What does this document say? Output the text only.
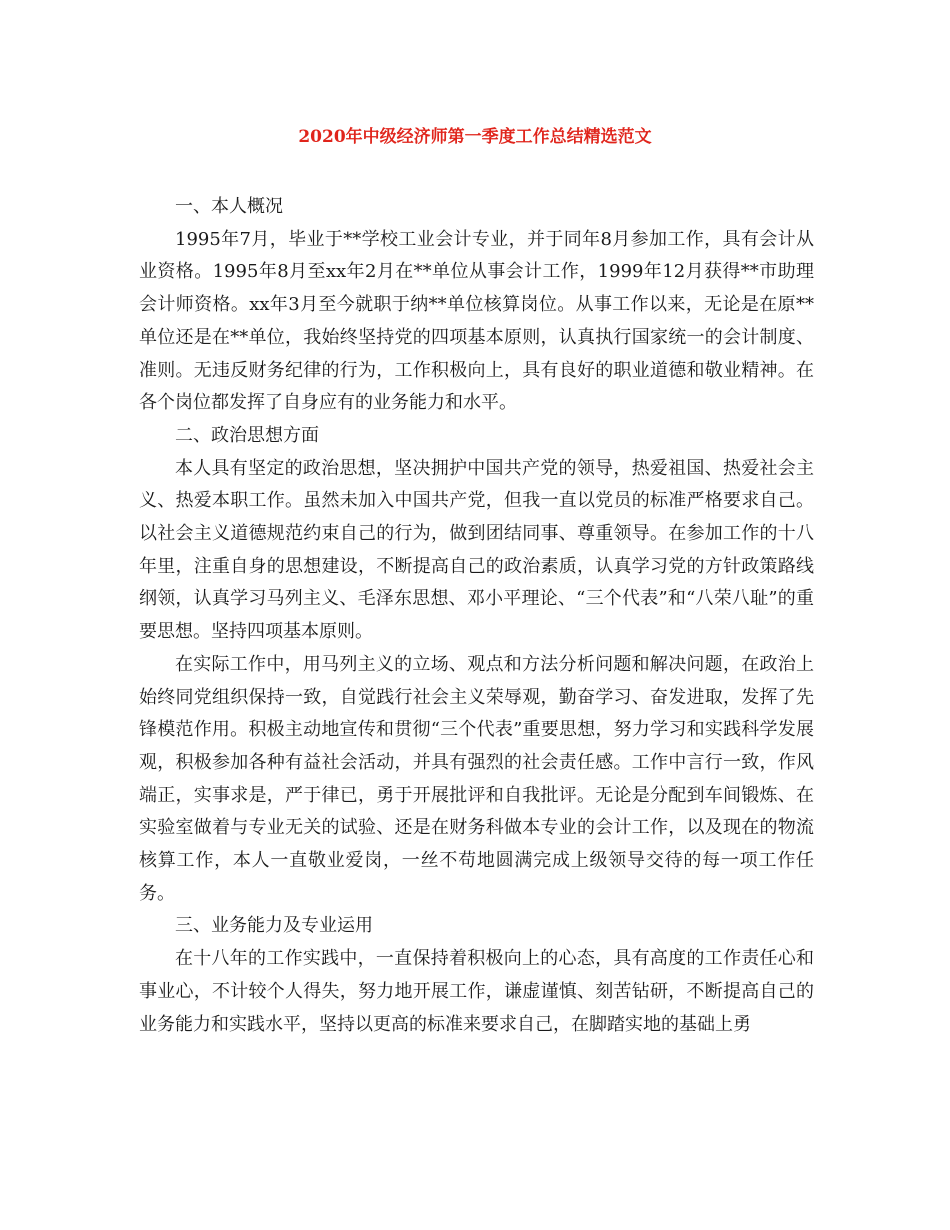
2020年中级经济师第一季度工作总结精选范文

一、本人概况

1995年7月，毕业于**学校工业会计专业，并于同年8月参加工作，具有会计从业资格。1995年8月至xx年2月在**单位从事会计工作，1999年12月获得**市助理会计师资格。xx年3月至今就职于纳**单位核算岗位。从事工作以来，无论是在原**单位还是在**单位，我始终坚持党的四项基本原则，认真执行国家统一的会计制度、准则。无违反财务纪律的行为，工作积极向上，具有良好的职业道德和敬业精神。在各个岗位都发挥了自身应有的业务能力和水平。

二、政治思想方面

本人具有坚定的政治思想，坚决拥护中国共产党的领导，热爱祖国、热爱社会主义、热爱本职工作。虽然未加入中国共产党，但我一直以党员的标准严格要求自己。以社会主义道德规范约束自己的行为，做到团结同事、尊重领导。在参加工作的十八年里，注重自身的思想建设，不断提高自己的政治素质，认真学习党的方针政策路线纲领，认真学习马列主义、毛泽东思想、邓小平理论、“三个代表”和“八荣八耻”的重要思想。坚持四项基本原则。

在实际工作中，用马列主义的立场、观点和方法分析问题和解决问题，在政治上始终同党组织保持一致，自觉践行社会主义荣辱观，勤奋学习、奋发进取，发挥了先锋模范作用。积极主动地宣传和贯彻“三个代表”重要思想，努力学习和实践科学发展观，积极参加各种有益社会活动，并具有强烈的社会责任感。工作中言行一致，作风端正，实事求是，严于律已，勇于开展批评和自我批评。无论是分配到车间锻炼、在实验室做着与专业无关的试验、还是在财务科做本专业的会计工作，以及现在的物流核算工作，本人一直敬业爱岗，一丝不苟地圆满完成上级领导交待的每一项工作任务。

三、业务能力及专业运用

在十八年的工作实践中，一直保持着积极向上的心态，具有高度的工作责任心和事业心，不计较个人得失，努力地开展工作，谦虚谨慎、刻苦钻研，不断提高自己的业务能力和实践水平，坚持以更高的标准来要求自己，在脚踏实地的基础上勇
